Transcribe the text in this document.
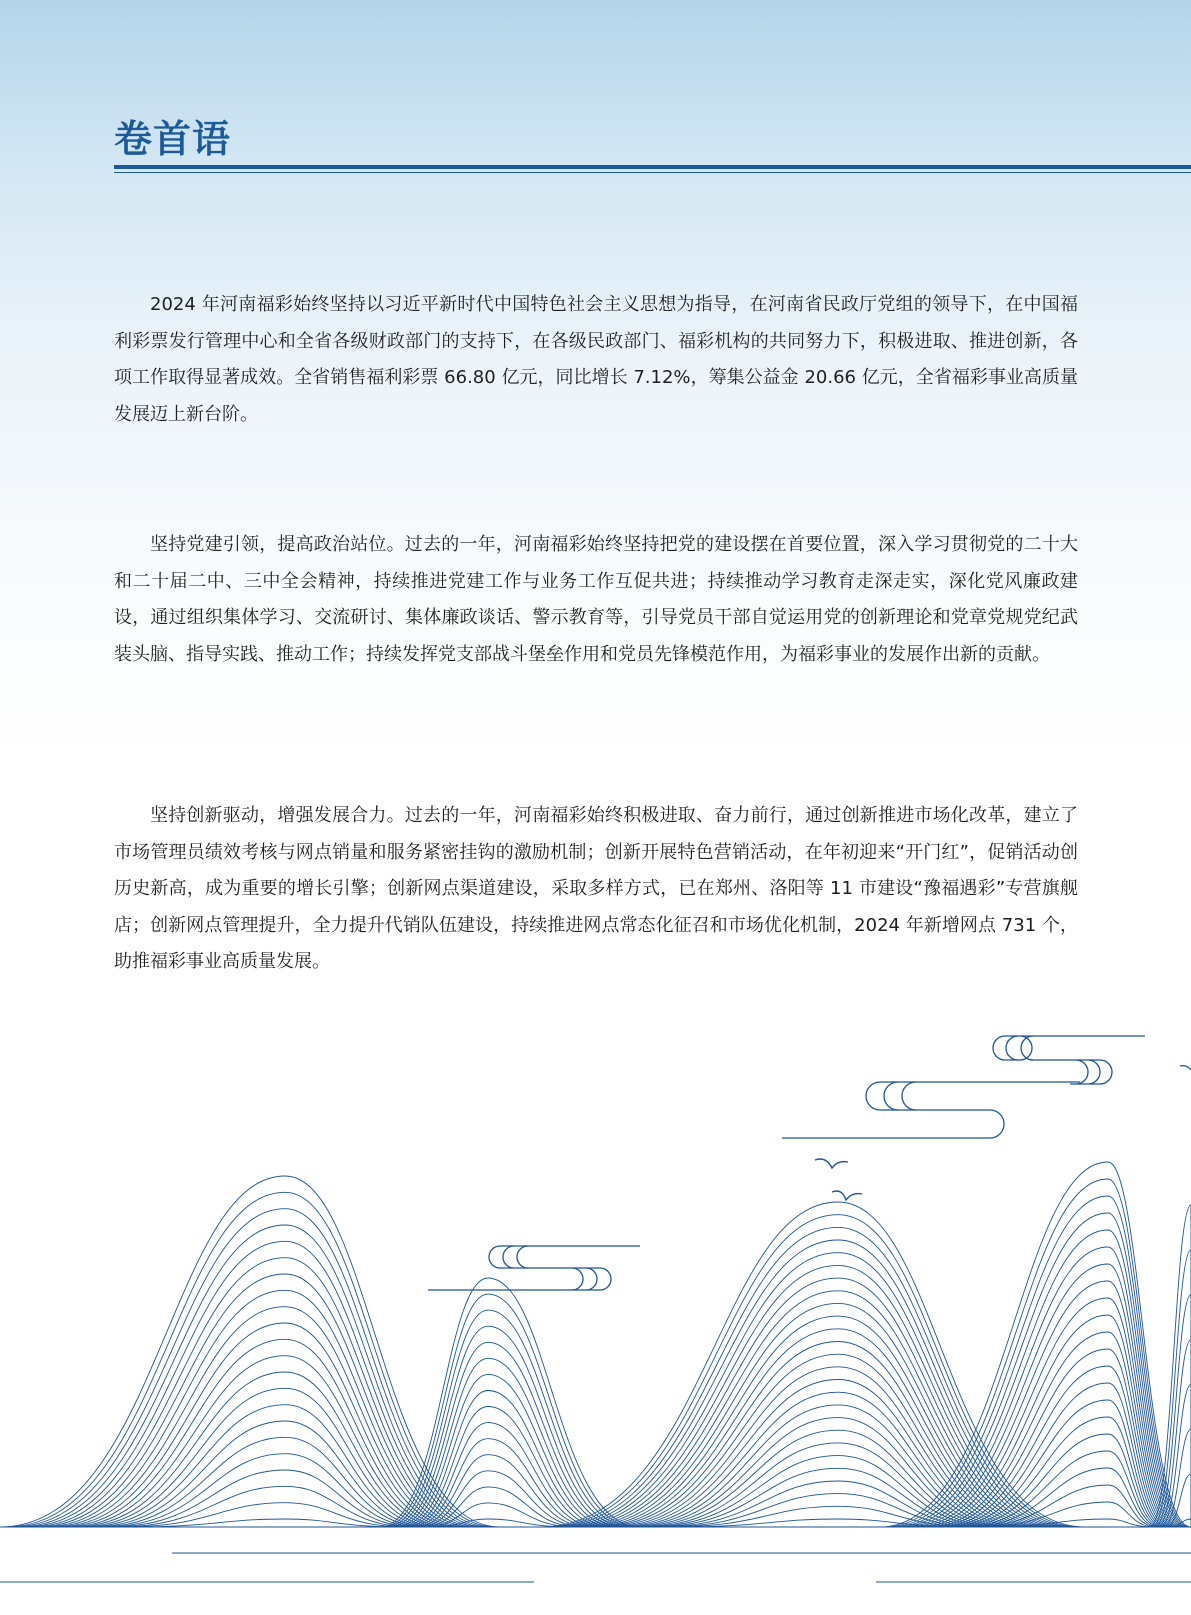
卷首语

2024 年河南福彩始终坚持以习近平新时代中国特色社会主义思想为指导，在河南省民政厅党组的领导下，在中国福利彩票发行管理中心和全省各级财政部门的支持下，在各级民政部门、福彩机构的共同努力下，积极进取、推进创新，各项工作取得显著成效。全省销售福利彩票 66.80 亿元，同比增长 7.12%，筹集公益金 20.66 亿元，全省福彩事业高质量发展迈上新台阶。

坚持党建引领，提高政治站位。过去的一年，河南福彩始终坚持把党的建设摆在首要位置，深入学习贯彻党的二十大和二十届二中、三中全会精神，持续推进党建工作与业务工作互促共进；持续推动学习教育走深走实，深化党风廉政建设，通过组织集体学习、交流研讨、集体廉政谈话、警示教育等，引导党员干部自觉运用党的创新理论和党章党规党纪武装头脑、指导实践、推动工作；持续发挥党支部战斗堡垒作用和党员先锋模范作用，为福彩事业的发展作出新的贡献。

坚持创新驱动，增强发展合力。过去的一年，河南福彩始终积极进取、奋力前行，通过创新推进市场化改革，建立了市场管理员绩效考核与网点销量和服务紧密挂钩的激励机制；创新开展特色营销活动，在年初迎来“开门红”，促销活动创历史新高，成为重要的增长引擎；创新网点渠道建设，采取多样方式，已在郑州、洛阳等 11 市建设“豫福遇彩”专营旗舰店；创新网点管理提升，全力提升代销队伍建设，持续推进网点常态化征召和市场优化机制，2024 年新增网点 731 个，助推福彩事业高质量发展。
